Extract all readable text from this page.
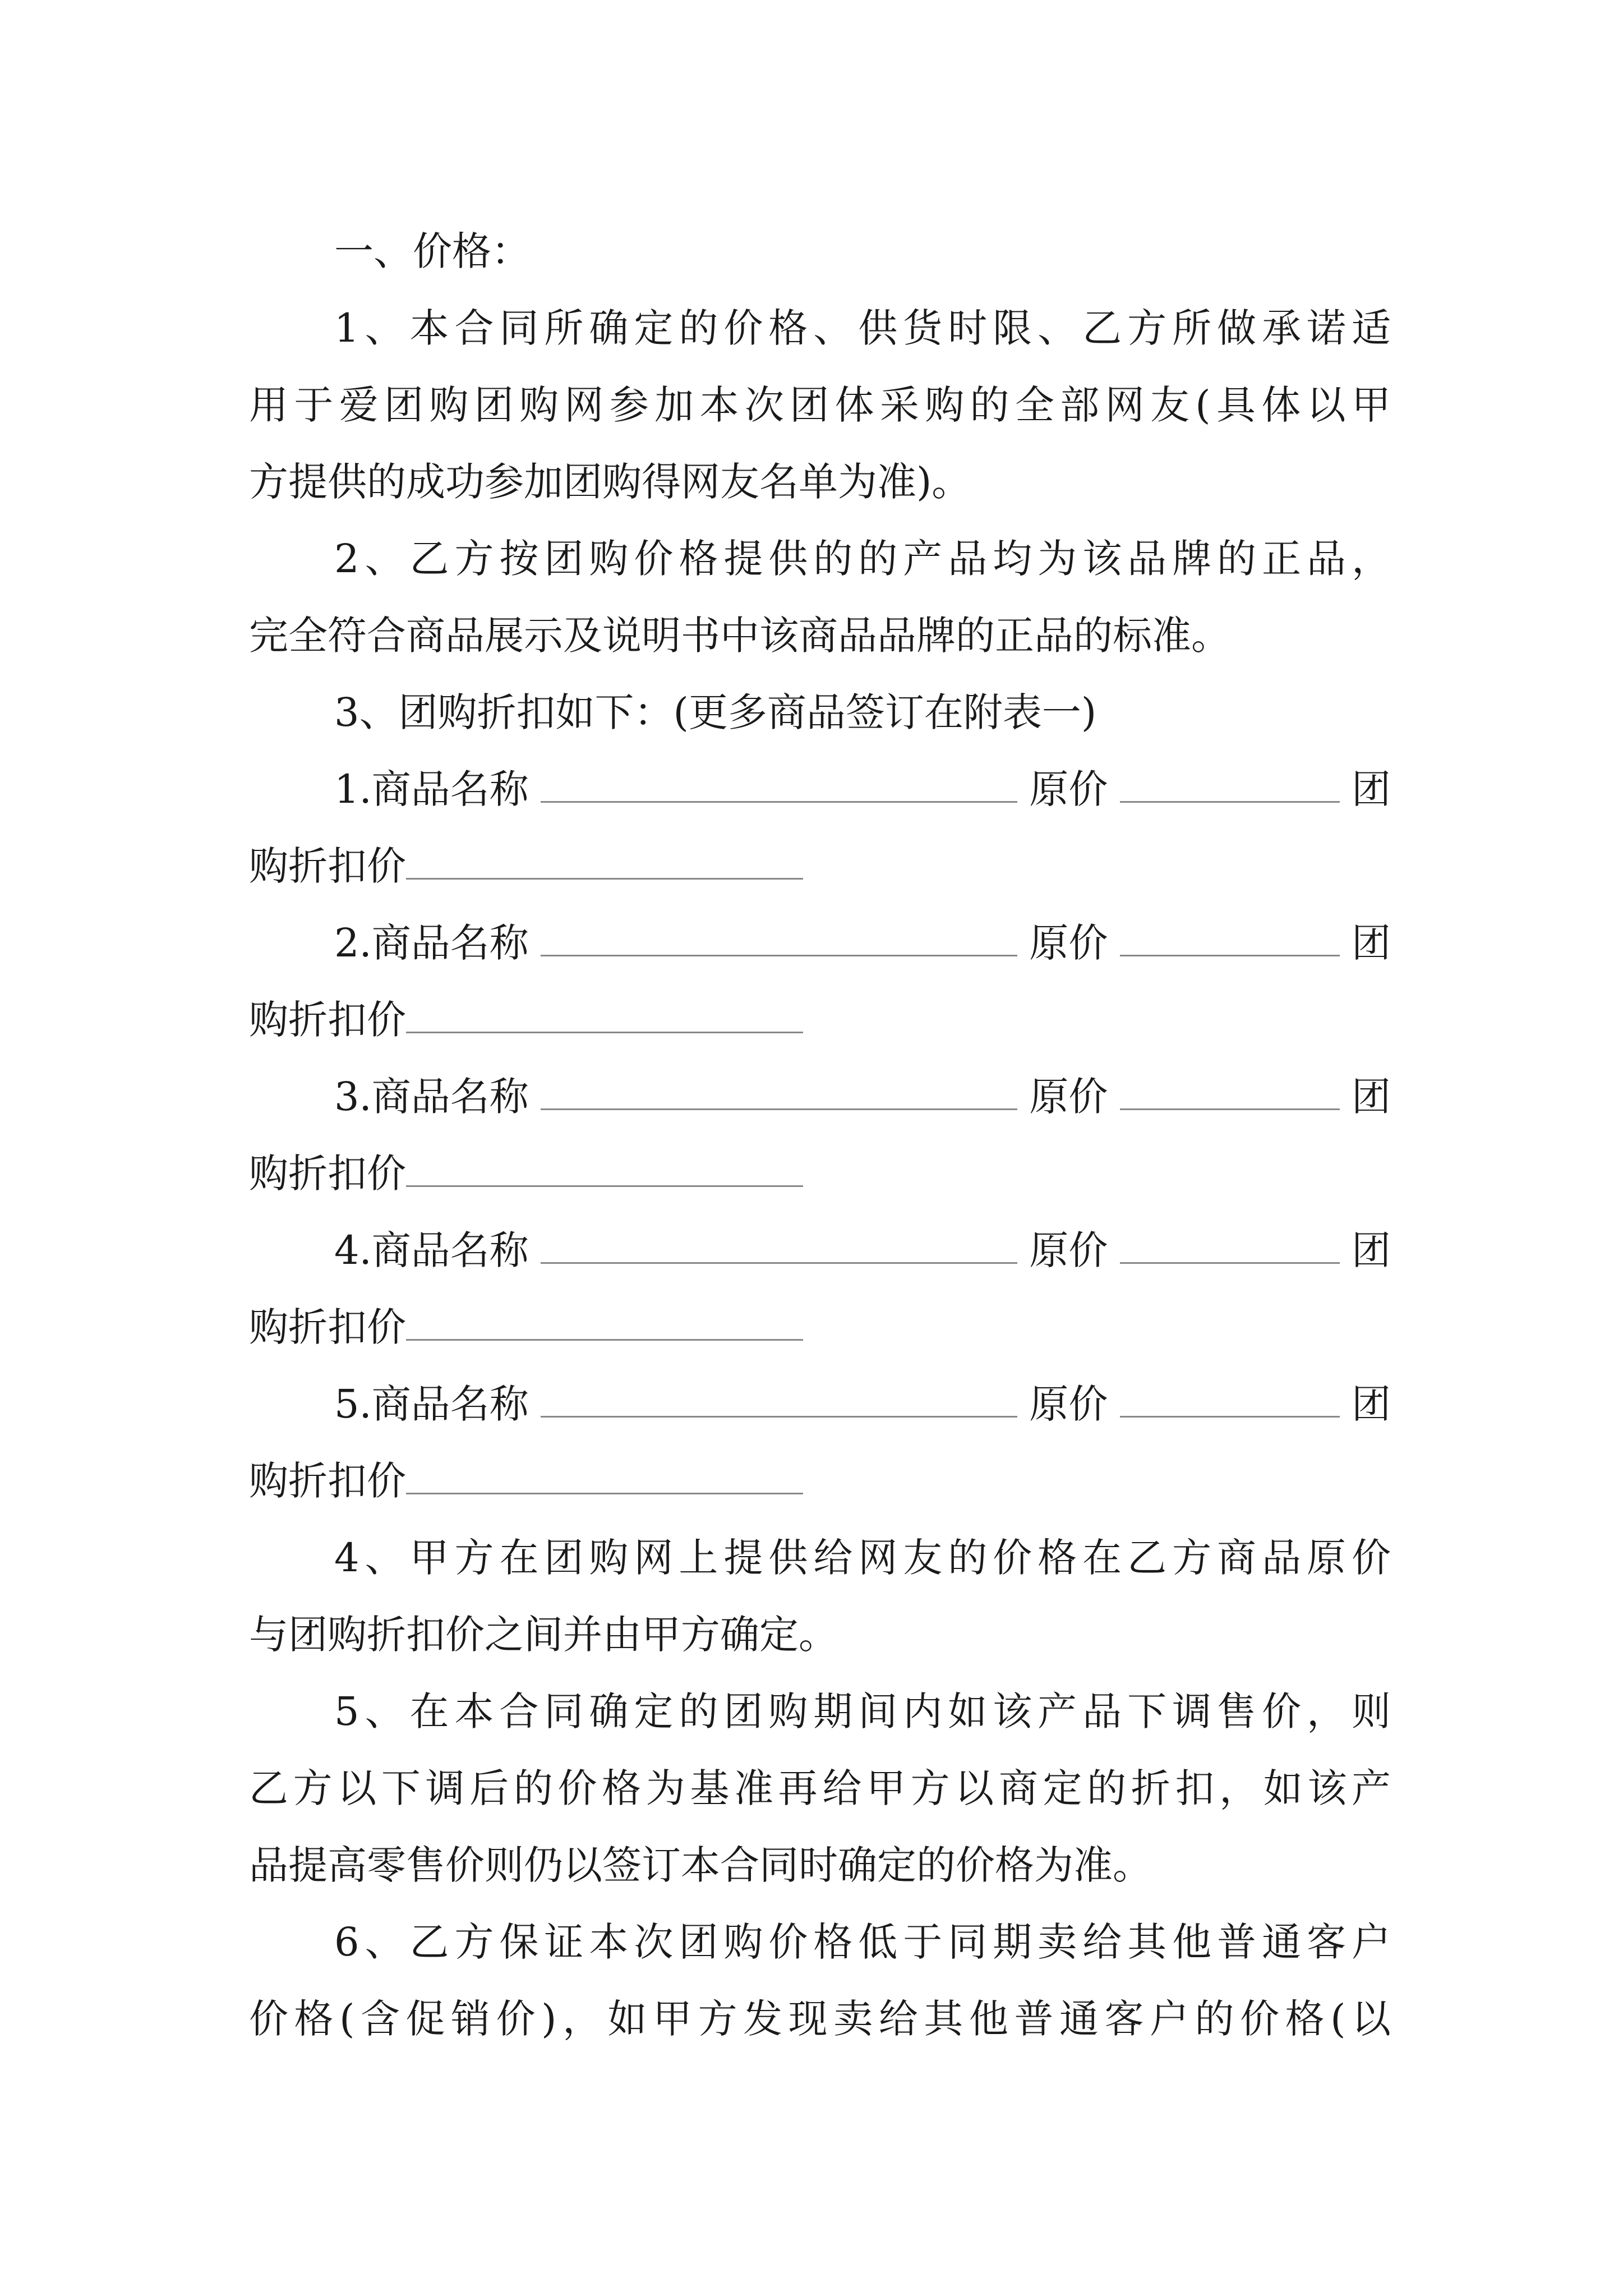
一、价格：
1、本合同所确定的价格、供货时限、乙方所做承诺适
用于爱团购团购网参加本次团体采购的全部网友(具体以甲
方提供的成功参加团购得网友名单为准)。
2、乙方按团购价格提供的的产品均为该品牌的正品，
完全符合商品展示及说明书中该商品品牌的正品的标准。
3、团购折扣如下：(更多商品签订在附表一)
1.商品名称	原价	团
购折扣价
2.商品名称	原价	团
购折扣价
3.商品名称	原价	团
购折扣价
4.商品名称	原价	团
购折扣价
5.商品名称	原价	团
购折扣价
4、甲方在团购网上提供给网友的价格在乙方商品原价
与团购折扣价之间并由甲方确定。
5、在本合同确定的团购期间内如该产品下调售价，则
乙方以下调后的价格为基准再给甲方以商定的折扣，如该产
品提高零售价则仍以签订本合同时确定的价格为准。
6、乙方保证本次团购价格低于同期卖给其他普通客户
价格(含促销价)，如甲方发现卖给其他普通客户的价格(以
